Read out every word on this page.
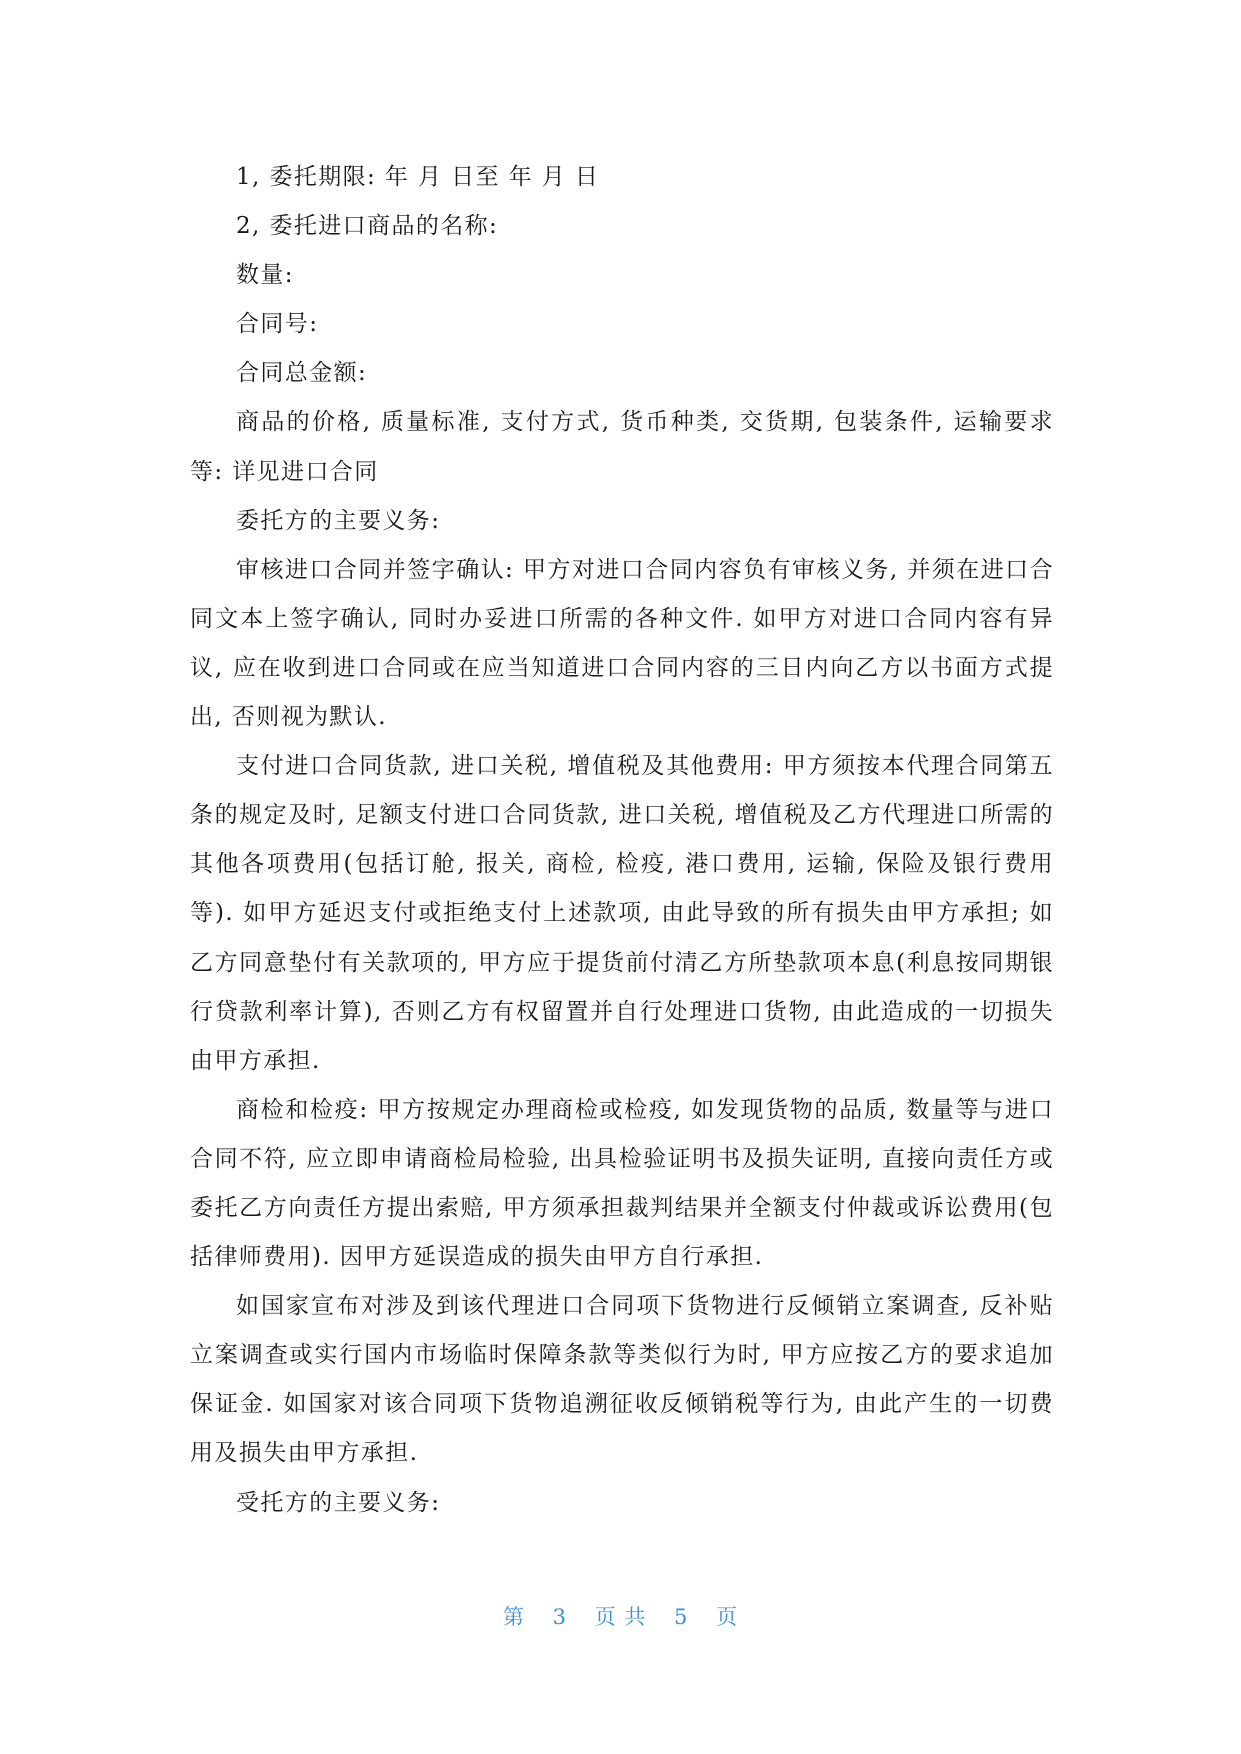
1, 委托期限: 年 月 日至 年 月 日

2, 委托进口商品的名称:

数量:

合同号:

合同总金额:

商品的价格, 质量标准, 支付方式, 货币种类, 交货期, 包装条件, 运输要求等: 详见进口合同

委托方的主要义务:

审核进口合同并签字确认: 甲方对进口合同内容负有审核义务, 并须在进口合同文本上签字确认, 同时办妥进口所需的各种文件. 如甲方对进口合同内容有异议, 应在收到进口合同或在应当知道进口合同内容的三日内向乙方以书面方式提出, 否则视为默认.

支付进口合同货款, 进口关税, 增值税及其他费用: 甲方须按本代理合同第五条的规定及时, 足额支付进口合同货款, 进口关税, 增值税及乙方代理进口所需的其他各项费用(包括订舱, 报关, 商检, 检疫, 港口费用, 运输, 保险及银行费用等). 如甲方延迟支付或拒绝支付上述款项, 由此导致的所有损失由甲方承担; 如乙方同意垫付有关款项的, 甲方应于提货前付清乙方所垫款项本息(利息按同期银行贷款利率计算), 否则乙方有权留置并自行处理进口货物, 由此造成的一切损失由甲方承担.

商检和检疫: 甲方按规定办理商检或检疫, 如发现货物的品质, 数量等与进口合同不符, 应立即申请商检局检验, 出具检验证明书及损失证明, 直接向责任方或委托乙方向责任方提出索赔, 甲方须承担裁判结果并全额支付仲裁或诉讼费用(包括律师费用). 因甲方延误造成的损失由甲方自行承担.

如国家宣布对涉及到该代理进口合同项下货物进行反倾销立案调查, 反补贴立案调查或实行国内市场临时保障条款等类似行为时, 甲方应按乙方的要求追加保证金. 如国家对该合同项下货物追溯征收反倾销税等行为, 由此产生的一切费用及损失由甲方承担.

受托方的主要义务:

第 3 页 共 5 页
